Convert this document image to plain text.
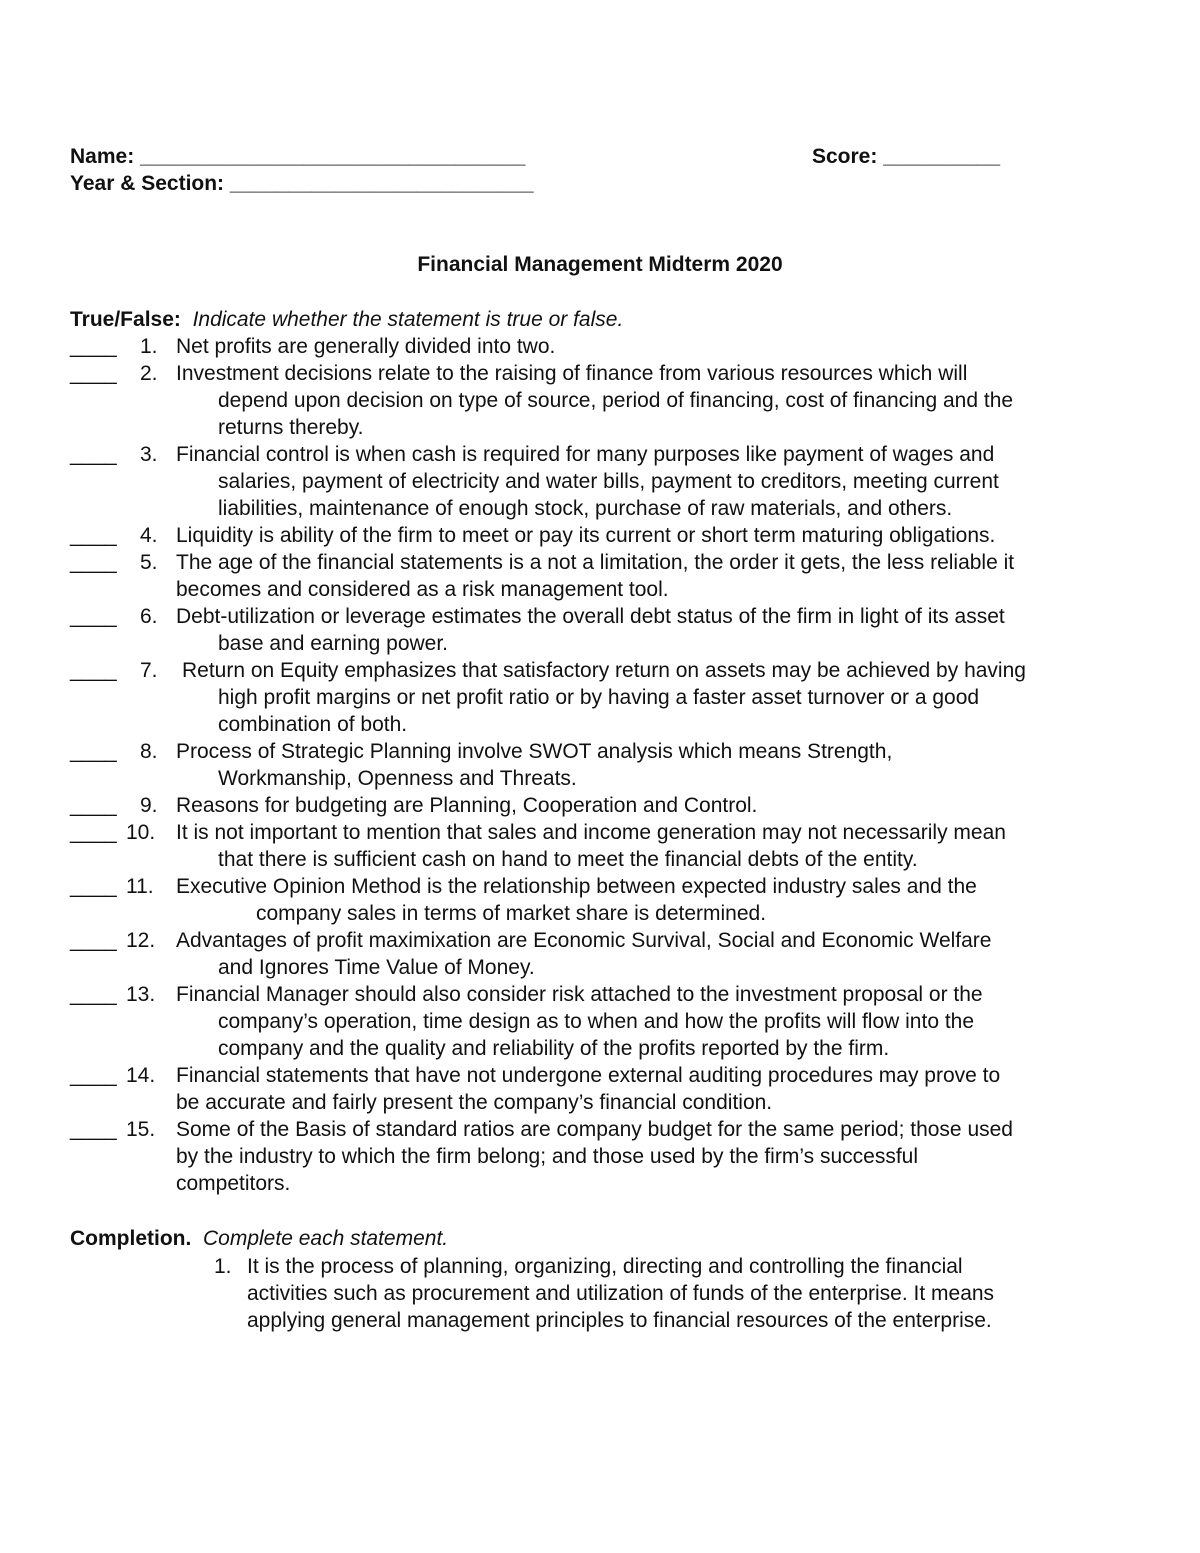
Name: _________________________________	Score: __________
Year & Section: __________________________
Financial Management Midterm 2020
True/False: Indicate whether the statement is true or false.
____ 1. Net profits are generally divided into two.
____ 2. Investment decisions relate to the raising of finance from various resources which will
depend upon decision on type of source, period of financing, cost of financing and the
returns thereby.
____ 3. Financial control is when cash is required for many purposes like payment of wages and
salaries, payment of electricity and water bills, payment to creditors, meeting current
liabilities, maintenance of enough stock, purchase of raw materials, and others.
____ 4. Liquidity is ability of the firm to meet or pay its current or short term maturing obligations.
____ 5. The age of the financial statements is a not a limitation, the order it gets, the less reliable it
becomes and considered as a risk management tool.
____ 6. Debt-utilization or leverage estimates the overall debt status of the firm in light of its asset
base and earning power.
____ 7. Return on Equity emphasizes that satisfactory return on assets may be achieved by having
high profit margins or net profit ratio or by having a faster asset turnover or a good
combination of both.
____ 8. Process of Strategic Planning involve SWOT analysis which means Strength,
Workmanship, Openness and Threats.
____ 9. Reasons for budgeting are Planning, Cooperation and Control.
____ 10. It is not important to mention that sales and income generation may not necessarily mean
that there is sufficient cash on hand to meet the financial debts of the entity.
____ 11. Executive Opinion Method is the relationship between expected industry sales and the
company sales in terms of market share is determined.
____ 12. Advantages of profit maximixation are Economic Survival, Social and Economic Welfare
and Ignores Time Value of Money.
____ 13. Financial Manager should also consider risk attached to the investment proposal or the
company’s operation, time design as to when and how the profits will flow into the
company and the quality and reliability of the profits reported by the firm.
____ 14. Financial statements that have not undergone external auditing procedures may prove to
be accurate and fairly present the company’s financial condition.
____ 15. Some of the Basis of standard ratios are company budget for the same period; those used
by the industry to which the firm belong; and those used by the firm’s successful
competitors.
Completion. Complete each statement.
1. It is the process of planning, organizing, directing and controlling the financial
activities such as procurement and utilization of funds of the enterprise. It means
applying general management principles to financial resources of the enterprise.
